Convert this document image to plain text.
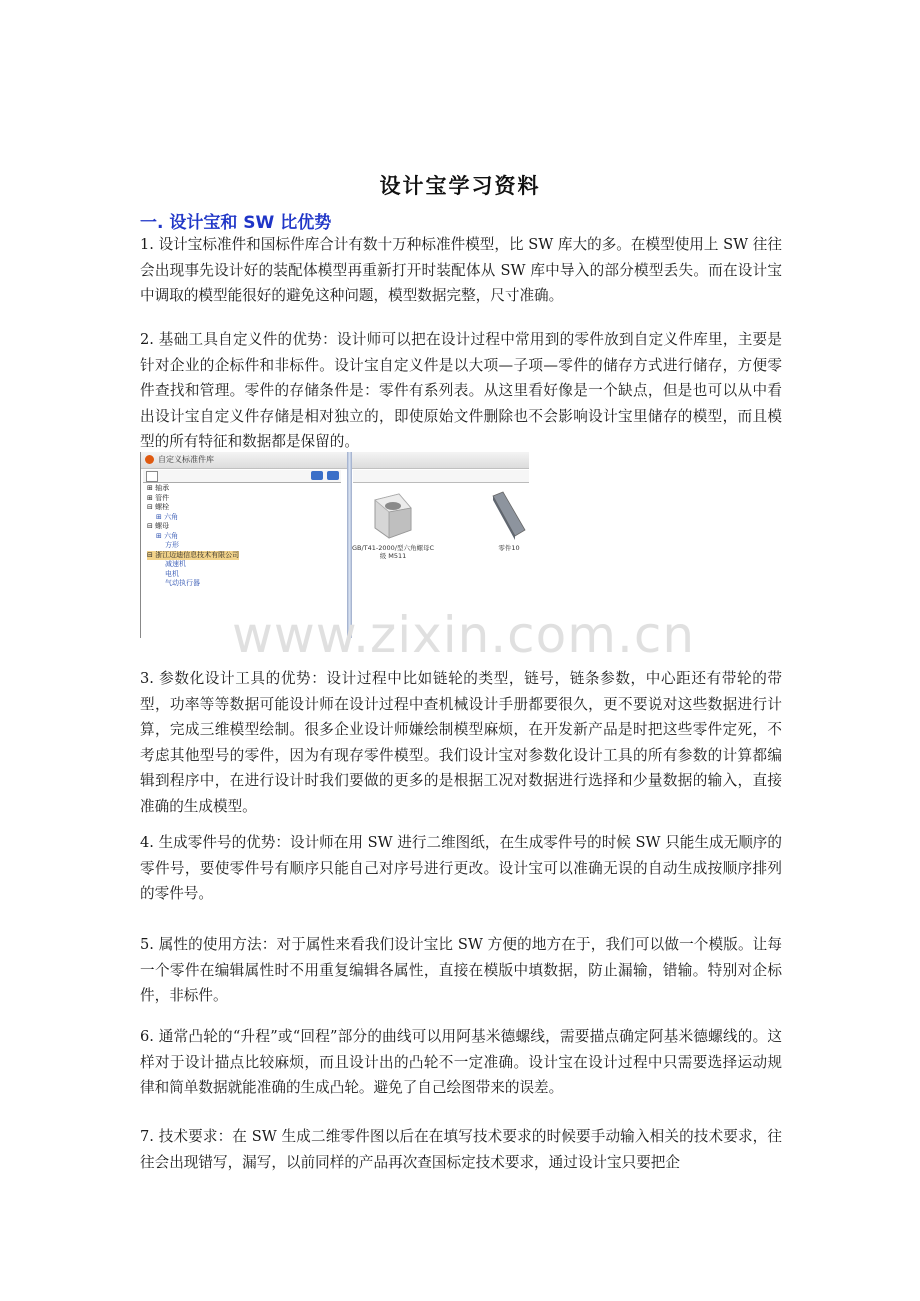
设计宝学习资料
一. 设计宝和 SW 比优势

1. 设计宝标准件和国标件库合计有数十万种标准件模型，比 SW 库大的多。在模型使用上 SW 往往会出现事先设计好的装配体模型再重新打开时装配体从 SW 库中导入的部分模型丢失。而在设计宝中调取的模型能很好的避免这种问题，模型数据完整，尺寸准确。

2. 基础工具自定义件的优势：设计师可以把在设计过程中常用到的零件放到自定义件库里，主要是针对企业的企标件和非标件。设计宝自定义件是以大项—子项—零件的储存方式进行储存，方便零件查找和管理。零件的存储条件是：零件有系列表。从这里看好像是一个缺点，但是也可以从中看出设计宝自定义件存储是相对独立的，即使原始文件删除也不会影响设计宝里储存的模型，而且模型的所有特征和数据都是保留的。

自定义标准件库
⊞ 轴承
⊞ 管件
⊟ 螺栓
⊞ 六角
⊟ 螺母
⊞ 六角
方形
⊟ 浙江迈迪信息技术有限公司
减速机
电机
气动执行器
GB/T41-2000/型六角螺母C级 M511
零件10
www.zixin.com.cn

3. 参数化设计工具的优势：设计过程中比如链轮的类型，链号，链条参数，中心距还有带轮的带型，功率等等数据可能设计师在设计过程中查机械设计手册都要很久，更不要说对这些数据进行计算，完成三维模型绘制。很多企业设计师嫌绘制模型麻烦，在开发新产品是时把这些零件定死，不考虑其他型号的零件，因为有现存零件模型。我们设计宝对参数化设计工具的所有参数的计算都编辑到程序中，在进行设计时我们要做的更多的是根据工况对数据进行选择和少量数据的输入，直接准确的生成模型。

4. 生成零件号的优势：设计师在用 SW 进行二维图纸，在生成零件号的时候 SW 只能生成无顺序的零件号，要使零件号有顺序只能自己对序号进行更改。设计宝可以准确无误的自动生成按顺序排列的零件号。

5. 属性的使用方法：对于属性来看我们设计宝比 SW 方便的地方在于，我们可以做一个模版。让每一个零件在编辑属性时不用重复编辑各属性，直接在模版中填数据，防止漏输，错输。特别对企标件，非标件。

6. 通常凸轮的“升程”或“回程”部分的曲线可以用阿基米德螺线，需要描点确定阿基米德螺线的。这样对于设计描点比较麻烦，而且设计出的凸轮不一定准确。设计宝在设计过程中只需要选择运动规律和简单数据就能准确的生成凸轮。避免了自己绘图带来的误差。

7. 技术要求：在 SW 生成二维零件图以后在在填写技术要求的时候要手动输入相关的技术要求，往往会出现错写，漏写，以前同样的产品再次查国标定技术要求，通过设计宝只要把企
